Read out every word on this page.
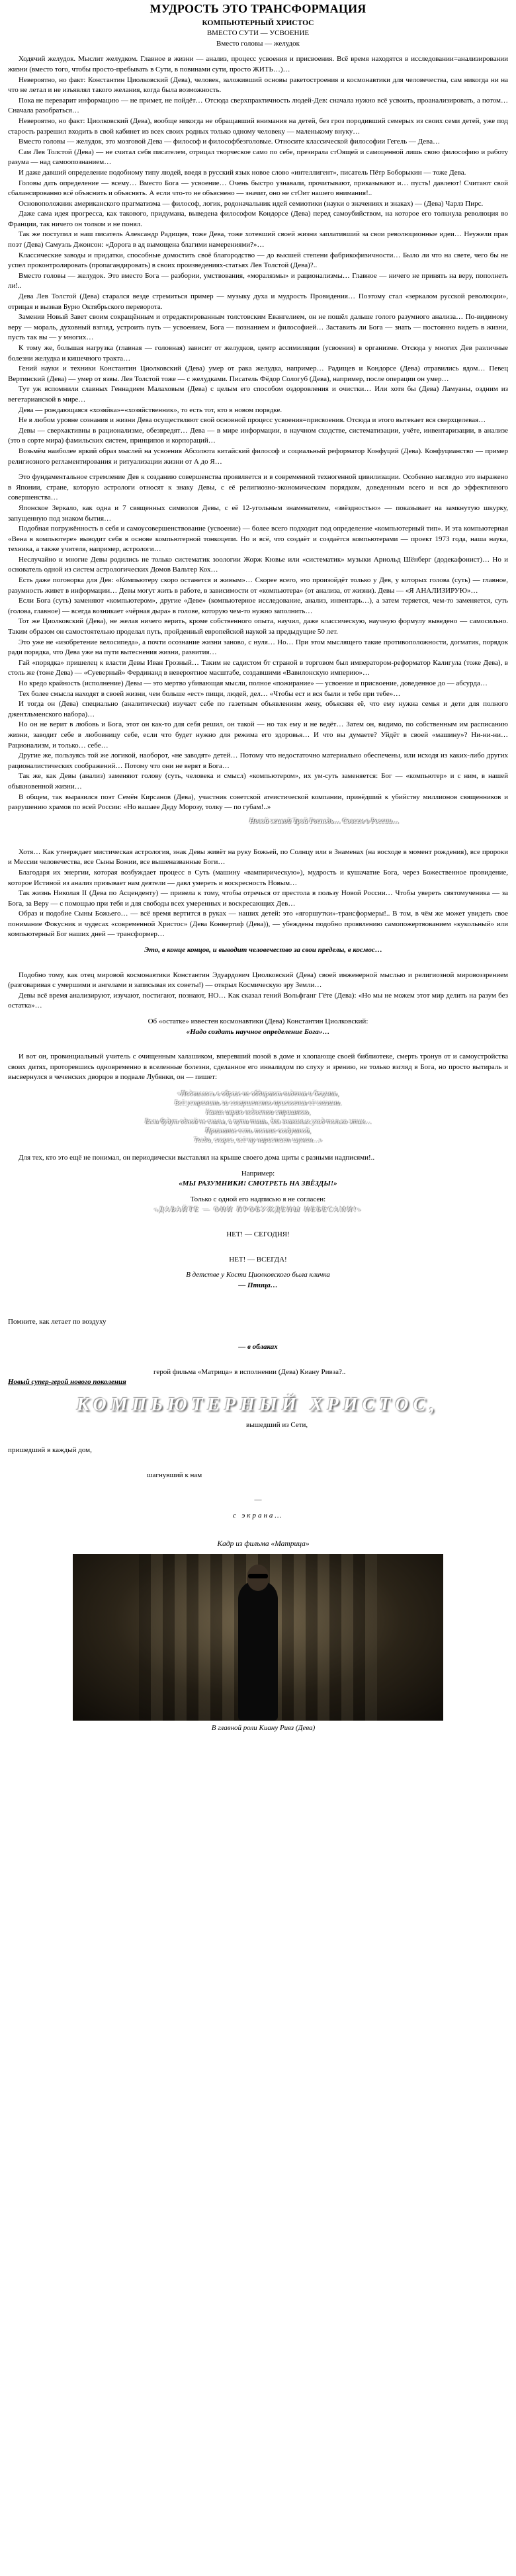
МУДРОСТЬ ЭТО ТРАНСФОРМАЦИЯ
КОМПЬЮТЕРНЫЙ ХРИСТОС
ВМЕСТО СУТИ — УСВОЕНИЕ
Вместо головы — желудок

Ходячий желудок. Мыслит желудком. Главное в жизни — анализ, процесс усвоения и присвоения. Всё время находятся в исследовании=анализировании жизни (вместо того, чтобы просто-пребывать в Сути, в повинами сути, просто ЖИТЬ…)…

Невероятно, но факт: Константин Циолковский (Дева), человек, заложивший основы ракетостроения и космонавтики для человечества, сам никогда ни на что не летал и не изъявлял такого желания, когда была возможность.

Пока не переварит информацию — не примет, не пойдёт… Отсюда сверхпрактичность людей-Дев: сначала нужно всё усвоить, проанализировать, а потом… Сначала разобраться…

Невероятно, но факт: Циолковский (Дева), вообще никогда не обращавший внимания на детей, без гроз породивший семерых из своих семи детей, уже под старость разрешил входить в свой кабинет из всех своих родных только одному человеку — маленькому внуку…

Вместо головы — желудок, это мозговой Дева — философ и философбезголовые. Относите классической философии Гегель — Дева…

Сам Лев Толстой (Дева) — не считал себя писателем, отрицал творческое само по себе, презирала стОящей и самоценной лишь свою философию и работу разума — над самоопознанием…

И даже давший определение подобному типу людей, введя в русский язык новое слово «интеллигент», писатель Пётр Боборыкин — тоже Дева.

Головы дать определение — всему… Вместо Бога — усвоение… Очень быстро узнавали, прочитывают, приказывают и… пусть! давлеют! Считают свой сбалансированно всё объяснить и объяснять. А если что-то не объяснено — значит, оно не стОит нашего внимания!..

Основоположник американского прагматизма — философ, логик, родоначальник идей семиотики (науки о значениях и знаках) — (Дева) Чарлз Пирс.

Даже сама идея прогресса, как такового, придумана, выведена философом Кондорсе (Дева) перед самоубийством, на которое его толкнула революция во Франции, так ничего он толком и не понял.

Так же поступил и наш писатель Александр Радищев, тоже Дева, тоже хотевший своей жизни заплативший за свои революционные идеи… Неужели прав поэт (Дева) Самуэль Джонсон: «Дорога в ад вымощена благими намерениями?»…

Классические заводы и придатки, способные домостить своё благородство — до высшей степени фабрикофизичности… Было ли что на свете, чего бы не успел проконтролировать (пропагандировать) в своих произведениях-статьях Лев Толстой (Дева)?..

Вместо головы — желудок. Это вместо Бога — разбории, умствования, «моралязмы» и рационализмы… Главное — ничего не принять на веру, пополнеть ли!..

Дева Лев Толстой (Дева) старался везде стремиться пример — музыку духа и мудрость Провидения… Поэтому стал «зеркалом русской революции», отрицая и вызвав Бурю Октябрьского переворота.

Заменив Новый Завет своим сокращённым и отредактированным толстовским Евангелием, он не пошёл дальше голого разумного анализа… По-видимому веру — мораль, духовный взгляд, устроить путь — усвоением, Бога — познанием и философией… Заставить ли Бога — знать — постоянно видеть в жизни, пусть так вы — у многих…

К тому же, большая нагрузка (главная — головная) зависит от желудков, центр ассимиляции (усвоения) в организме. Отсюда у многих Дев различные болезни желудка и кишечного тракта…

Гений науки и техники Константин Циолковский (Дева) умер от рака желудка, например… Радищев и Кондорсе (Дева) отравились ядом… Певец Вертинский (Дева) — умер от язвы. Лев Толстой тоже — с желудками. Писатель Фёдор Сологуб (Дева), например, после операции он умер…

Тут уж вспомнили славных Геннадием Малаховым (Дева) с целым его способом оздоровления и очистки… Или хотя бы (Дева) Ламуаны, оздним из вегетарианской в мире…

Дева — рождающаяся «хозяйка»=«хозяйственник», то есть тот, кто в новом порядке.

Не в любом уровне сознания и жизни Дева осуществляют свой основной процесс усвоения=присвоения. Отсюда и этого вытекает вся сверхцелевая…

Девы — сверхактивны в рационализме, обезвредят… Дева — в мире информации, в научном сходстве, систематизации, учёте, инвентаризации, в анализе (это в сорте мира) фамильских систем, принципов и корпораций…

Возьмём наиболее яркий образ мыслей на усвоения Абсолюта китайский философ и социальный реформатор Конфуций (Дева). Конфуцианство — пример религиозного регламентирования и ритуализации жизни от А до Я…

Это фундаментальное стремление Дев к созданию совершенства проявляется и в современной техногенной цивилизации. Особенно наглядно это выражено в Японии, стране, которую астрологи относят к знаку Девы, с её религиозно-экономическим порядком, доведенным всего и вся до эффективного совершенства…

Японское Зеркало, как одна и 7 священных символов Девы, с её 12-угольным знаменателем, «звёздностью» — показывает на замкнутую шкурку, запущенную под знаком бытия…

Подобная погружённость в себя и самоусовершенствование (усвоение) — более всего подходит под определение «компьютерный тип». И эта компьютерная «Вена в компьютере» выводит себя в основе компьютерной тонкоцепи. Но и всё, что создаёт и создаётся компьютерами — проект 1973 года, наша наука, техника, а также учителя, например, астрологи…

Неслучайно и многие Девы родились не только систематик зоологии Жорж Кювье или «систематик» музыки Арнольд Шёнберг (додекафонист)… Но и основатель одной из систем астрологических Домов Вальтер Кох…

Есть даже поговорка для Дев: «Компьютеру скоро останется и живым»… Скорее всего, это произойдёт только у Дев, у которых голова (суть) — главное, разумность живет в информации… Девы могут жить в работе, в зависимости от «компьютера» (от анализа, от жизни). Девы — «Я АНАЛИЗИРУЮ»…

Если Бога (суть) заменяют «компьютером», другие «Деве» (компьютерное исследование, анализ, инвентарь…), а затем теряется, чем-то заменяется, суть (голова, главное) — всегда возникает «чёрная дыра» в голове, которую чем-то нужно заполнить…

Тот же Циолковский (Дева), не желая ничего верить, кроме собственного опыта, научил, даже классическую, научную формулу выведено — самосильно. Таким образом он самостоятельно проделал путь, пройденный европейской наукой за предыдущие 50 лет.

Это уже не «изобретение велосипеда», а почти осознание жизни заново, с нуля… Но… При этом мыслящего такие противоположности, догматик, порядок ради порядка, что Дева уже на пути вытеснения жизни, развития…

Гай «порядка» пришелец к власти Девы Иван Грозный… Таким не садистом бт страной в торговом был императором-реформатор Калигула (тоже Дева), в столь же (тоже Дева) — «Суеверный» Фердинанд в невероятное масштабе, создавшими «Вавилонскую империю»…

Но кредо крайность (исполнение) Девы — это мертво убивающая мысли, полное «пожирание» — усвоение и присвоение, доведенное до — абсурда…

Тех более смысла находят в своей жизни, чем больше «ест» пищи, людей, дел… «Чтобы ест и вся были и тебе при тебе»…

И тогда он (Дева) специально (аналитически) изучает себе по газетным объявлениям жену, объясняя её, что ему нужна семья и дети для полного джентльменского набора)…

Но он не верит в любовь и Бога, этот он как-то для себя решил, он такой — но так ему и не ведёт… Затем он, видимо, по собственным им расписанию жизни, заводит себе в любовницу себе, если что будет нужно для режима его здоровья… И что вы думаете? Уйдёт в своей «машину»? Ни-ни-ни… Рационализм, и только… себе…

Другие же, пользуясь той же логикой, наоборот, «не заводят» детей… Потому что недостаточно материально обеспечены, или исходя из каких-либо других рационалистических соображений… Потому что они не верят в Бога…

Так же, как Девы (анализ) заменяют голову (суть, человека и смысл) «компьютером», их ум-суть заменяется: Бог — «компьютер» и с ним, в нашей обыкновенной жизни…

В общем, так выразился поэт Семён Кирсанов (Дева), участник советской атеистической компании, привёдший к убийству миллионов священников и разрушению храмов по всей России: «Но вашаее Деду Морозу, толку — по губам!..»

Новой живой Трой Господь… Совсем в России…

Хотя… Как утверждает мистическая астрология, знак Девы живёт на руку Божьей, по Солнцу или в Знаменах (на восходе в момент рождения), все пророки и Мессии человечества, все Сыны Божии, все вышеназванные Боги…

Благодаря их энергии, которая возбуждает процесс в Суть (машину «вампирическую»), мудрость и кушачатие Бога, через Божественное провидение, которое Истиной из анализ призывает нам деятели — давл умереть и воскресность Новым…

Так жизнь Николая II (Дева по Асценденту) — привела к тому, чтобы отречься от престола в пользу Новой России… Чтобы увереть святомученика — за Бога, за Веру — с помощью при тебя и для свободы всех умеренных и воскресающих Дев…

Образ и подобие Сыны Божьего… — всё время вертится в руках — наших детей: это «ягоршутки»-трансформеры!.. В том, в чём же может увидеть свое понимание Фокусник и чудесах «современной Христос» (Дева Конвертиф (Дева)), — убеждены подобно проявлению самопожертвованием «кукольный» или компьютерный Бог наших дней — трансформер…

Это, в конце концов, и выводит человечество за свои пределы, в космос…

Подобно тому, как отец мировой космонавтики Константин Эдуардович Циолковский (Дева) своей инженерной мыслью и религиозной мировоззрением (разговаривая с умершими и ангелами и записывая их советы!) — открыл Космическую эру Земли…

Девы всё время анализируют, изучают, постигают, познают, НО… Как сказал гений Вольфганг Гёте (Дева): «Но мы не можем этот мир делить на разум без остатка»…

Об «остатке» известен космонавтики (Дева) Константин Циолковский:

«Надо создать научное определение Бога»…

И вот он, провинциальный учитель с очищенным халашиком, вперевший позой в доме и хлопающе своей библиотеке, смерть тронув от и самоустройства своих дитях, проторевшись одновременно в вселенные болезни, сделанное его инвалидом по слуху и зрению, не только взгляд в Бога, но просто вытираль и высвернулся в чеченских дворцов в подвале Лубянки, он — пишет:

«Подвиллось в образе не обдирают видения и безумия,
Всё устремить за совершенство присвоения её глазами.
Каких играю водостои страшнюю,
Если будут одной не скалы, а пути тишь, для знакомых уход только этим…
Признание есть топкие воздушной,
Тогда, скорее, всё ту нарастает шумом…»

Для тех, кто это ещё не понимал, он периодически выставлял на крыше своего дома щиты с разными надписями!..

Например:

«МЫ РАЗУМНИКИ! СМОТРЕТЬ НА ЗВЁЗДЫ!»

Только с одной его надписью я не согласен:

«ДАВАЙТЕ — ОНИ ПРОБУЖДЕНЫ НЕБЕСАМИ!»

НЕТ! — СЕГОДНЯ!

НЕТ! — ВСЕГДА!

В детстве у Кости Циолковского была кличка

— Птица…

Помните, как летает по воздуху

— в облаках

герой фильма «Матрица» в исполнении (Дева) Киану Ривза?..

Новый супер-герой нового поколения

КОМПЬЮТЕРНЫЙ ХРИСТОС,

вышедший из Сети,

пришедший в каждый дом,

шагнувший к нам

—

с экрана…

Кадр из фильма «Матрица»

В главной роли Киану Ривз (Дева)
